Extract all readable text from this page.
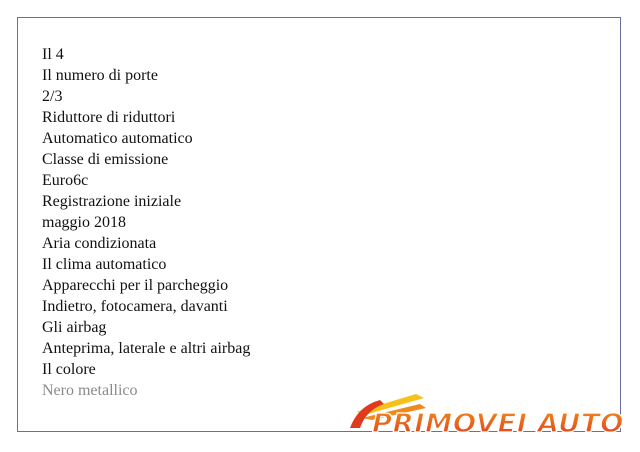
Il 4
Il numero di porte
2/3
Riduttore di riduttori
Automatico automatico
Classe di emissione
Euro6c
Registrazione iniziale
maggio 2018
Aria condizionata
Il clima automatico
Apparecchi per il parcheggio
Indietro, fotocamera, davanti
Gli airbag
Anteprima, laterale e altri airbag
Il colore
Nero metallico
PRIMOVEI AUTO
